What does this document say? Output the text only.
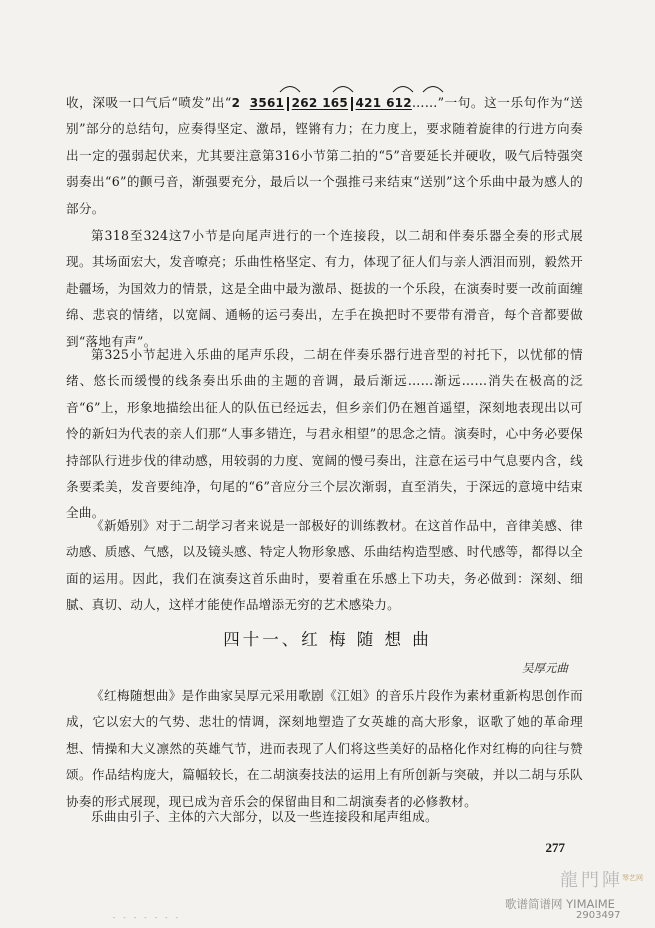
收，深吸一口气后“喷发”出“2 3561 262 165 421 612……”一句。这一乐句作为“送别”部分的总结句，应奏得坚定、激昂，铿锵有力；在力度上，要求随着旋律的行进方向奏出一定的强弱起伏来，尤其要注意第316小节第二拍的“5”音要延长并硬收，吸气后特强突弱奏出“6”的颤弓音，渐强要充分，最后以一个强推弓来结束“送别”这个乐曲中最为感人的部分。
第318至324这7小节是向尾声进行的一个连接段，以二胡和伴奏乐器全奏的形式展现。其场面宏大，发音嘹亮；乐曲性格坚定、有力，体现了征人们与亲人洒泪而别，毅然开赴疆场，为国效力的情景，这是全曲中最为激昂、挺拔的一个乐段，在演奏时要一改前面缠绵、悲哀的情绪，以宽阔、通畅的运弓奏出，左手在换把时不要带有滑音，每个音都要做到“落地有声”。
第325小节起进入乐曲的尾声乐段，二胡在伴奏乐器行进音型的衬托下，以忧郁的情绪、悠长而缓慢的线条奏出乐曲的主题的音调，最后渐远……渐远……消失在极高的泛音“6”上，形象地描绘出征人的队伍已经远去，但乡亲们仍在翘首遥望，深刻地表现出以可怜的新妇为代表的亲人们那“人事多错迕，与君永相望”的思念之情。演奏时，心中务必要保持部队行进步伐的律动感，用较弱的力度、宽阔的慢弓奏出，注意在运弓中气息要内含，线条要柔美，发音要纯净，句尾的“6”音应分三个层次渐弱，直至消失，于深远的意境中结束全曲。
《新婚别》对于二胡学习者来说是一部极好的训练教材。在这首作品中，音律美感、律动感、质感、气感，以及镜头感、特定人物形象感、乐曲结构造型感、时代感等，都得以全面的运用。因此，我们在演奏这首乐曲时，要着重在乐感上下功夫，务必做到：深刻、细腻、真切、动人，这样才能使作品增添无穷的艺术感染力。
四十一、红 梅 随 想 曲
吴厚元曲
《红梅随想曲》是作曲家吴厚元采用歌剧《江姐》的音乐片段作为素材重新构思创作而成，它以宏大的气势、悲壮的情调，深刻地塑造了女英雄的高大形象，讴歌了她的革命理想、情操和大义凛然的英雄气节，进而表现了人们将这些美好的品格化作对红梅的向往与赞颂。作品结构庞大，篇幅较长，在二胡演奏技法的运用上有所创新与突破，并以二胡与乐队协奏的形式展现，现已成为音乐会的保留曲目和二胡演奏者的必修教材。
乐曲由引子、主体的六大部分，以及一些连接段和尾声组成。
277
- - - - - - -
龍門陣 琴艺网
歌谱简谱网 YIMAIME
2903497
